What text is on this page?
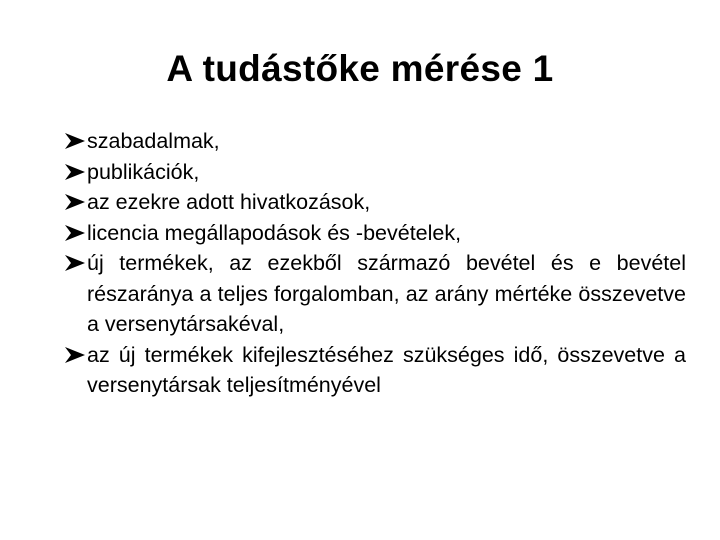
A tudástőke mérése 1
szabadalmak,
publikációk,
az ezekre adott hivatkozások,
licencia megállapodások és -bevételek,
új termékek, az ezekből származó bevétel és e bevétel részaránya a teljes forgalomban, az arány mértéke összevetve a versenytársakéval,
az új termékek kifejlesztéséhez szükséges idő, összevetve a versenytársak teljesítményével
